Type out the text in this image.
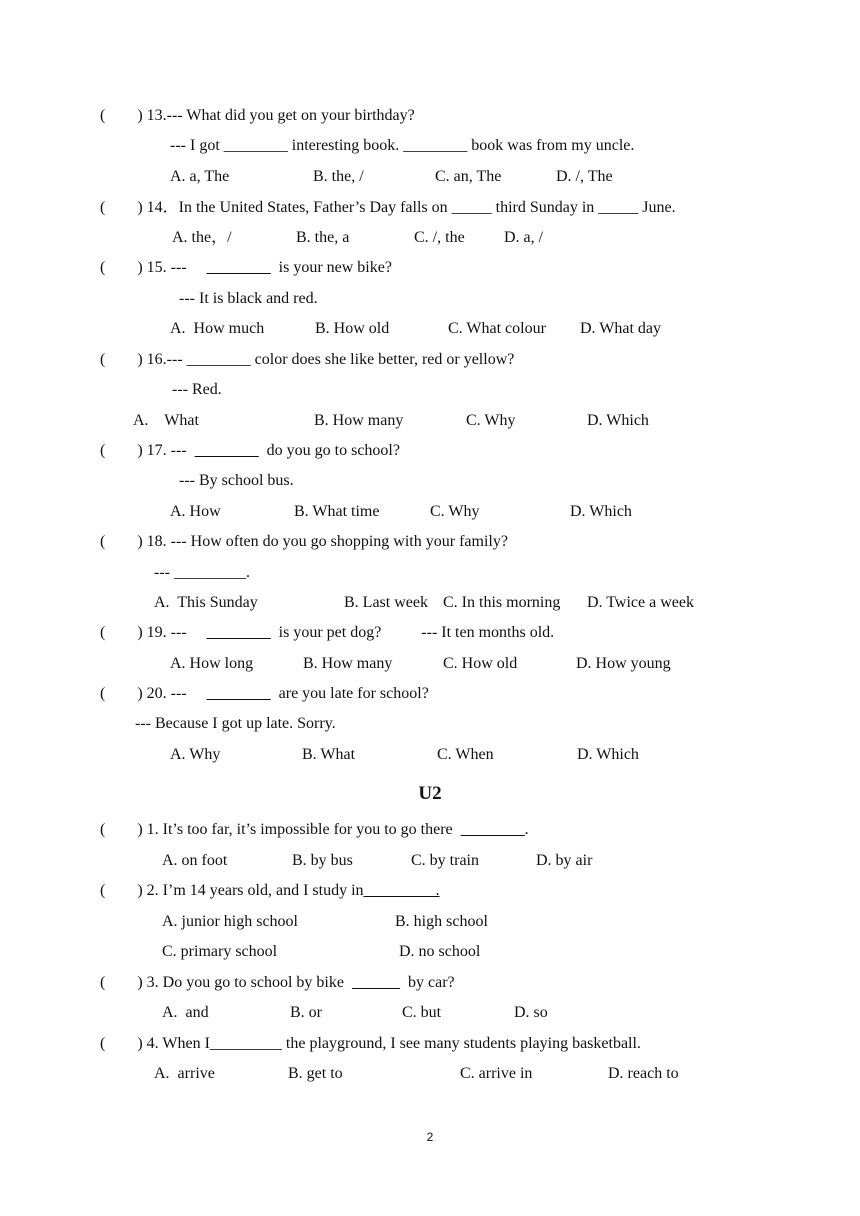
(        ) 13.--- What did you get on your birthday?
--- I got ________ interesting book. ________ book was from my uncle.
A. a, The	B. the, /	C. an, The	D. /, The
(        ) 14．In the United States, Father’s Day falls on _____ third Sunday in _____ June.
A. the，/	B. the, a	C. /, the D. a, /
(        ) 15. ---     ________  is your new bike?
--- It is black and red.
A.  How much	B. How old	C. What colour D. What day
(        ) 16.--- ________ color does she like better, red or yellow?
--- Red.
A.    What	B. How many	C. Why	D. Which
(        ) 17. ---  ________  do you go to school?
--- By school bus.
A. How	B. What time	C. Why	D. Which
(        ) 18. --- How often do you go shopping with your family?
--- _________.
A.  This Sunday	B. Last week C. In this morning D. Twice a week
(        ) 19. ---     ________  is your pet dog?          --- It ten months old.
A. How long	B. How many	C. How old	D. How young
(        ) 20. ---     ________  are you late for school?
--- Because I got up late. Sorry.
A. Why	B. What	C. When	D. Which
U2
(        ) 1. It’s too far, it’s impossible for you to go there  ________.
A. on foot	B. by bus	C. by train	D. by air
(        ) 2. I’m 14 years old, and I study in_________.
A. junior high school	B. high school
C. primary school	D. no school
(        ) 3. Do you go to school by bike  ______  by car?
A.  and	B. or	C. but	D. so
(        ) 4. When I_________ the playground, I see many students playing basketball.
A.  arrive	B. get to	C. arrive in	D. reach to
2
